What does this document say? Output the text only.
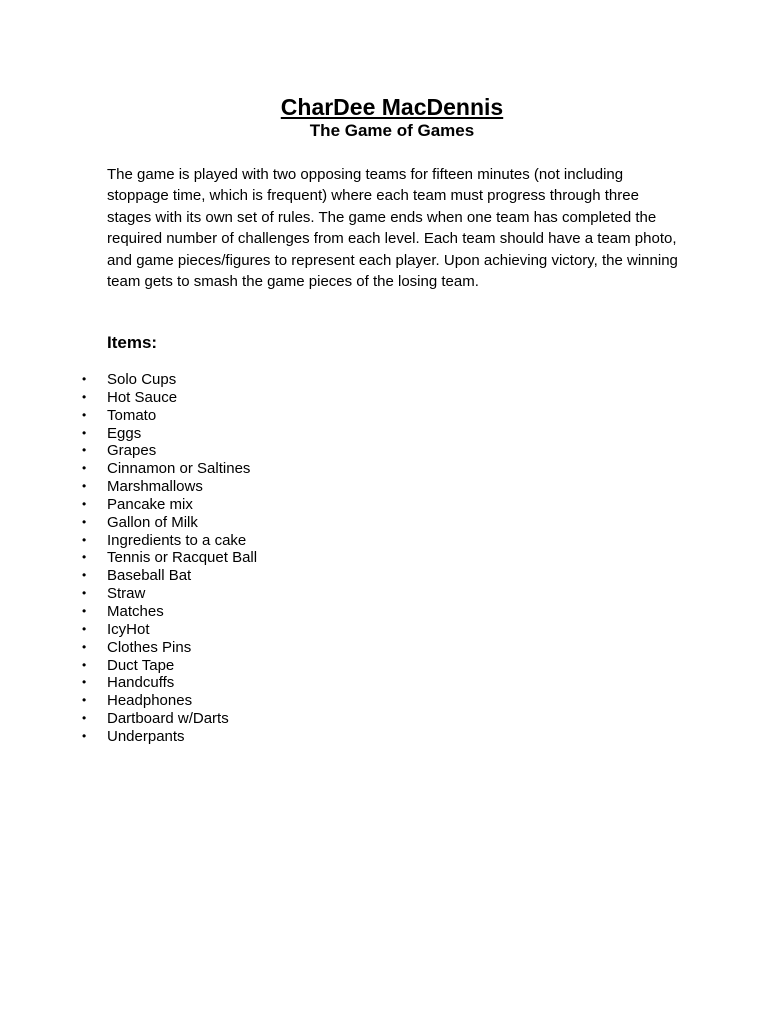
CharDee MacDennis
The Game of Games

The game is played with two opposing teams for fifteen minutes (not including stoppage time, which is frequent) where each team must progress through three stages with its own set of rules. The game ends when one team has completed the required number of challenges from each level. Each team should have a team photo, and game pieces/figures to represent each player. Upon achieving victory, the winning team gets to smash the game pieces of the losing team.

Items:
• Solo Cups
• Hot Sauce
• Tomato
• Eggs
• Grapes
• Cinnamon or Saltines
• Marshmallows
• Pancake mix
• Gallon of Milk
• Ingredients to a cake
• Tennis or Racquet Ball
• Baseball Bat
• Straw
• Matches
• IcyHot
• Clothes Pins
• Duct Tape
• Handcuffs
• Headphones
• Dartboard w/Darts
• Underpants
